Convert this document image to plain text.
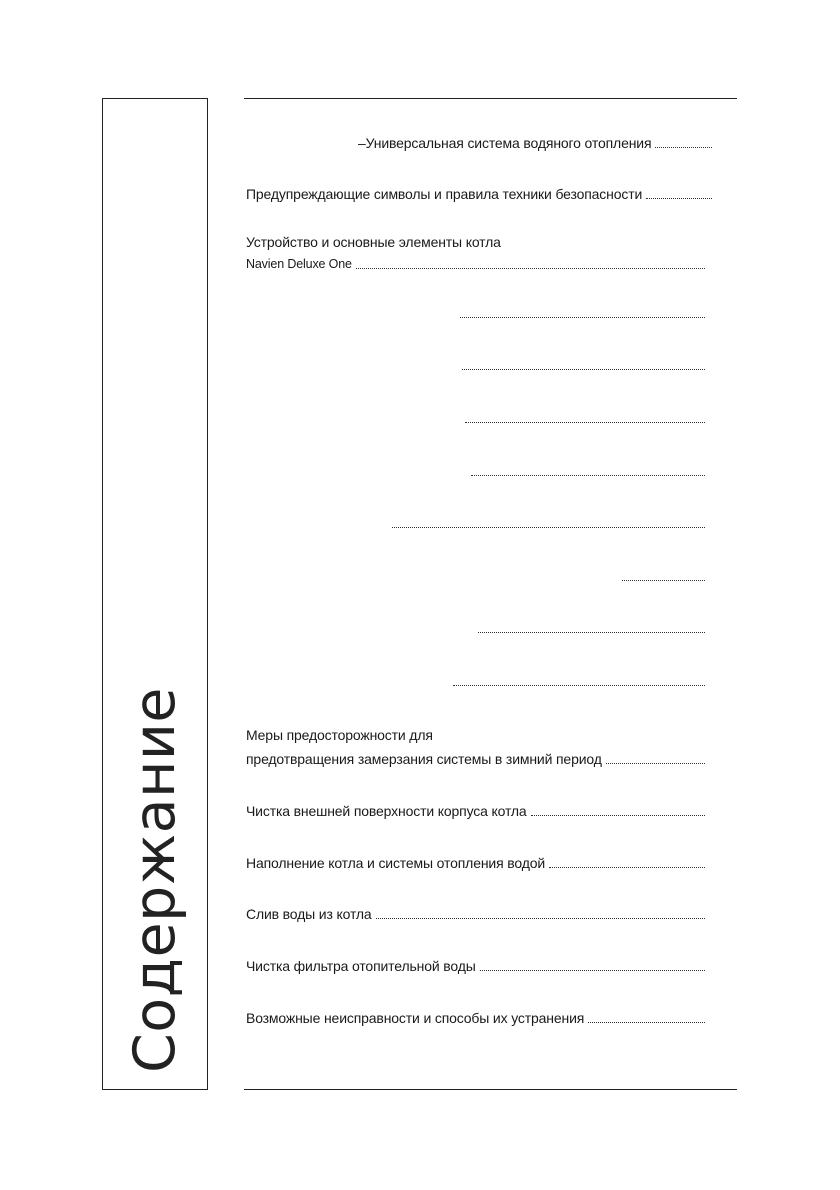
Содержание
–Универсальная система водяного отопления
Предупреждающие символы и правила техники безопасности
Устройство и основные элементы котла
Navien Deluxe One
Меры предосторожности для
предотвращения замерзания системы в зимний период
Чистка внешней поверхности корпуса котла
Наполнение котла и системы отопления водой
Слив воды из котла
Чистка фильтра отопительной воды
Возможные неисправности и способы их устранения
